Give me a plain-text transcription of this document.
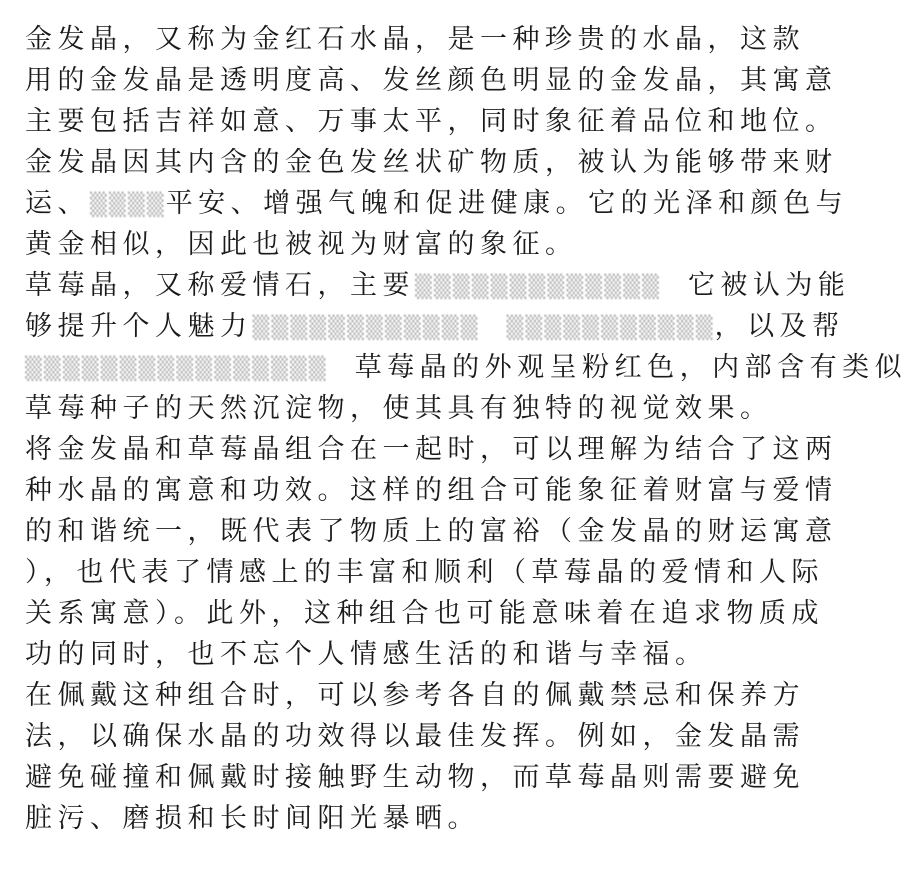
金发晶，又称为金红石水晶，是一种珍贵的水晶，这款
用的金发晶是透明度高、发丝颜色明显的金发晶，其寓意
主要包括吉祥如意、万事太平，同时象征着品位和地位。
金发晶因其内含的金色发丝状矿物质，被认为能够带来财
运、▒▒▒▒平安、增强气魄和促进健康。它的光泽和颜色与
黄金相似，因此也被视为财富的象征。
草莓晶，又称爱情石，主要▒▒▒▒▒▒▒▒▒▒▒▒▒   它被认为能
够提升个人魅力▒▒▒▒▒▒▒▒▒▒▒▒   ▒▒▒▒▒▒▒▒▒▒▒，以及帮
▒▒▒▒▒▒▒▒▒▒▒▒▒▒▒▒   草莓晶的外观呈粉红色，内部含有类似
草莓种子的天然沉淀物，使其具有独特的视觉效果。
将金发晶和草莓晶组合在一起时，可以理解为结合了这两
种水晶的寓意和功效。这样的组合可能象征着财富与爱情
的和谐统一，既代表了物质上的富裕（金发晶的财运寓意
），也代表了情感上的丰富和顺利（草莓晶的爱情和人际
关系寓意）。此外，这种组合也可能意味着在追求物质成
功的同时，也不忘个人情感生活的和谐与幸福。
在佩戴这种组合时，可以参考各自的佩戴禁忌和保养方
法，以确保水晶的功效得以最佳发挥。例如，金发晶需
避免碰撞和佩戴时接触野生动物，而草莓晶则需要避免
脏污、磨损和长时间阳光暴晒。
